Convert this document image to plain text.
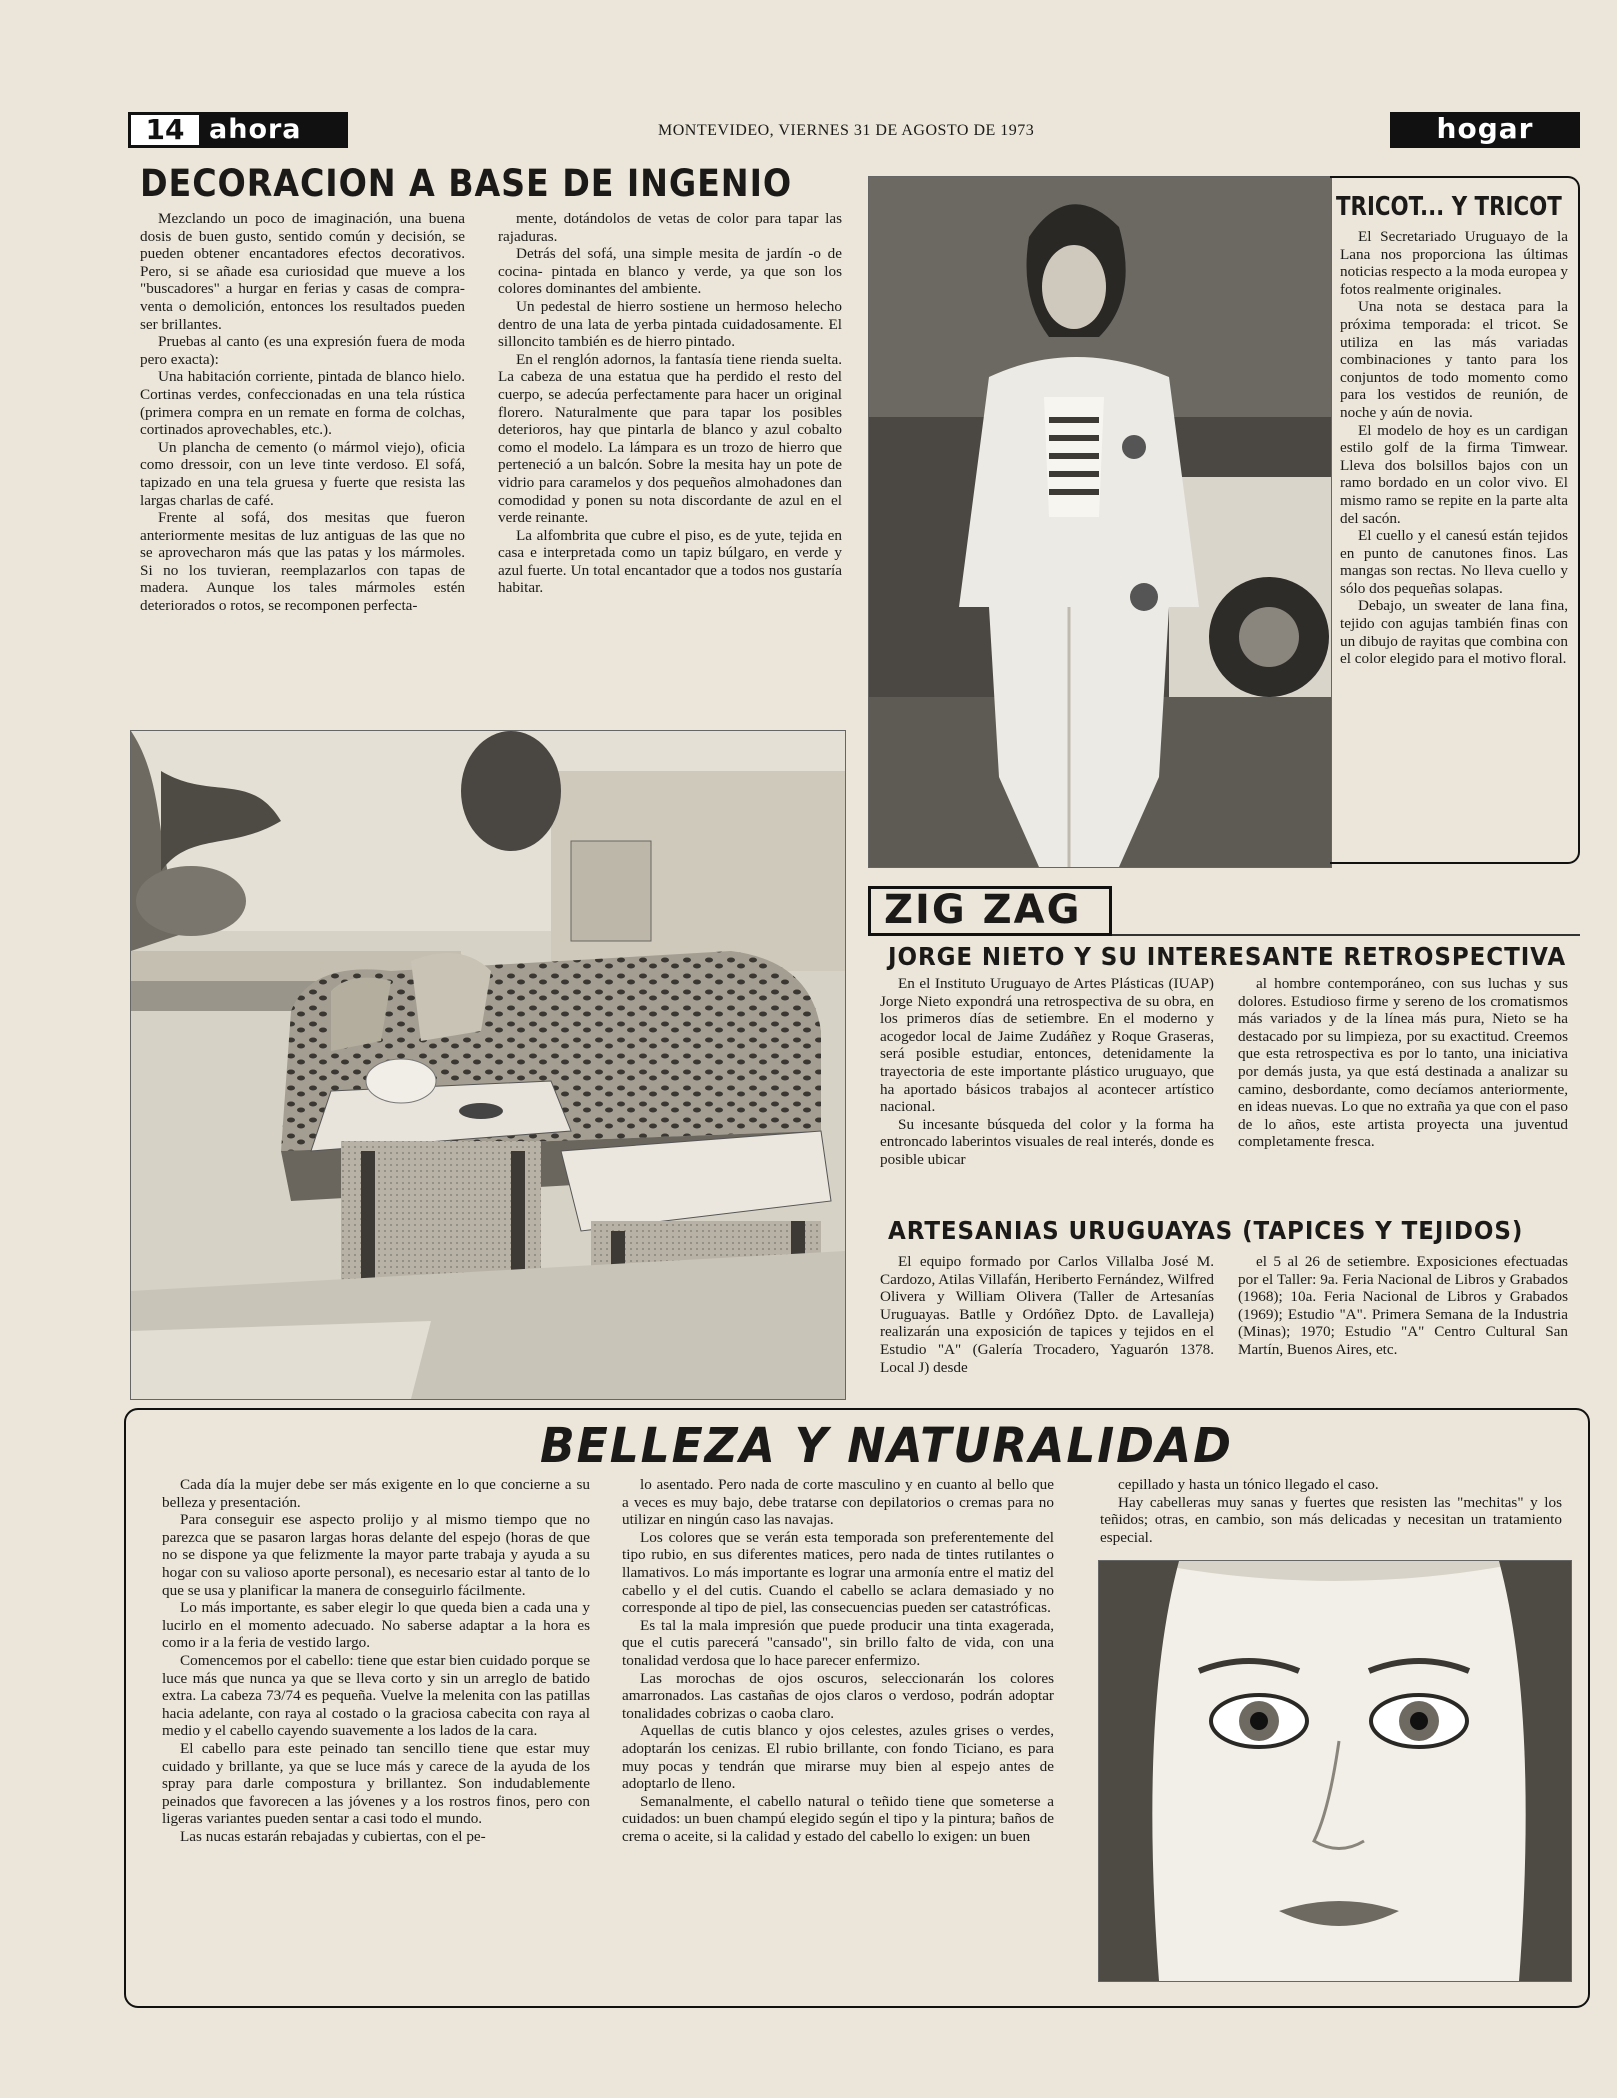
14 ahora	MONTEVIDEO, VIERNES 31 DE AGOSTO DE 1973	hogar
DECORACION A BASE DE INGENIO

Mezclando un poco de imaginación, una buena dosis de buen gusto, sentido común y decisión, se pueden obtener encantadores efectos decorativos. Pero, si se añade esa curiosidad que mueve a los "buscadores" a hurgar en ferias y casas de compra-venta o demolición, entonces los resultados pueden ser brillantes.

Pruebas al canto (es una expresión fuera de moda pero exacta):

Una habitación corriente, pintada de blanco hielo. Cortinas verdes, confeccionadas en una tela rústica (primera compra en un remate en forma de colchas, cortinados aprovechables, etc.).

Un plancha de cemento (o mármol viejo), oficia como dressoir, con un leve tinte verdoso. El sofá, tapizado en una tela gruesa y fuerte que resista las largas charlas de café.

Frente al sofá, dos mesitas que fueron anteriormente mesitas de luz antiguas de las que no se aprovecharon más que las patas y los mármoles. Si no los tuvieran, reemplazarlos con tapas de madera. Aunque los tales mármoles estén deteriorados o rotos, se recomponen perfecta-

mente, dotándolos de vetas de color para tapar las rajaduras.

Detrás del sofá, una simple mesita de jardín -o de cocina- pintada en blanco y verde, ya que son los colores dominantes del ambiente.

Un pedestal de hierro sostiene un hermoso helecho dentro de una lata de yerba pintada cuidadosamente. El silloncito también es de hierro pintado.

En el renglón adornos, la fantasía tiene rienda suelta. La cabeza de una estatua que ha perdido el resto del cuerpo, se adecúa perfectamente para hacer un original florero. Naturalmente que para tapar los posibles deterioros, hay que pintarla de blanco y azul cobalto como el modelo. La lámpara es un trozo de hierro que perteneció a un balcón. Sobre la mesita hay un pote de vidrio para caramelos y dos pequeños almohadones dan comodidad y ponen su nota discordante de azul en el verde reinante.

La alfombrita que cubre el piso, es de yute, tejida en casa e interpretada como un tapiz búlgaro, en verde y azul fuerte. Un total encantador que a todos nos gustaría habitar.

TRICOT... Y TRICOT

El Secretariado Uruguayo de la Lana nos proporciona las últimas noticias respecto a la moda europea y fotos realmente originales.

Una nota se destaca para la próxima temporada: el tricot. Se utiliza en las más variadas combinaciones y tanto para los conjuntos de todo momento como para los vestidos de reunión, de noche y aún de novia.

El modelo de hoy es un cardigan estilo golf de la firma Timwear. Lleva dos bolsillos bajos con un ramo bordado en un color vivo. El mismo ramo se repite en la parte alta del sacón.

El cuello y el canesú están tejidos en punto de canutones finos. Las mangas son rectas. No lleva cuello y sólo dos pequeñas solapas.

Debajo, un sweater de lana fina, tejido con agujas también finas con un dibujo de rayitas que combina con el color elegido para el motivo floral.

ZIG ZAG
JORGE NIETO Y SU INTERESANTE RETROSPECTIVA

En el Instituto Uruguayo de Artes Plásticas (IUAP) Jorge Nieto expondrá una retrospectiva de su obra, en los primeros días de setiembre. En el moderno y acogedor local de Jaime Zudáñez y Roque Graseras, será posible estudiar, entonces, detenidamente la trayectoria de este importante plástico uruguayo, que ha aportado básicos trabajos al acontecer artístico nacional.

Su incesante búsqueda del color y la forma ha entroncado laberintos visuales de real interés, donde es posible ubicar

al hombre contemporáneo, con sus luchas y sus dolores. Estudioso firme y sereno de los cromatismos más variados y de la línea más pura, Nieto se ha destacado por su limpieza, por su exactitud. Creemos que esta retrospectiva es por lo tanto, una iniciativa por demás justa, ya que está destinada a analizar su camino, desbordante, como decíamos anteriormente, en ideas nuevas. Lo que no extraña ya que con el paso de lo años, este artista proyecta una juventud completamente fresca.

ARTESANIAS URUGUAYAS (TAPICES Y TEJIDOS)

El equipo formado por Carlos Villalba José M. Cardozo, Atilas Villafán, Heriberto Fernández, Wilfred Olivera y William Olivera (Taller de Artesanías Uruguayas. Batlle y Ordóñez Dpto. de Lavalleja) realizarán una exposición de tapices y tejidos en el Estudio "A" (Galería Trocadero, Yaguarón 1378. Local J) desde

el 5 al 26 de setiembre. Exposiciones efectuadas por el Taller: 9a. Feria Nacional de Libros y Grabados (1968); 10a. Feria Nacional de Libros y Grabados (1969); Estudio "A". Primera Semana de la Industria (Minas); 1970; Estudio "A" Centro Cultural San Martín, Buenos Aires, etc.

BELLEZA Y NATURALIDAD

Cada día la mujer debe ser más exigente en lo que concierne a su belleza y presentación.

Para conseguir ese aspecto prolijo y al mismo tiempo que no parezca que se pasaron largas horas delante del espejo (horas de que no se dispone ya que felizmente la mayor parte trabaja y ayuda a su hogar con su valioso aporte personal), es necesario estar al tanto de lo que se usa y planificar la manera de conseguirlo fácilmente.

Lo más importante, es saber elegir lo que queda bien a cada una y lucirlo en el momento adecuado. No saberse adaptar a la hora es como ir a la feria de vestido largo.

Comencemos por el cabello: tiene que estar bien cuidado porque se luce más que nunca ya que se lleva corto y sin un arreglo de batido extra. La cabeza 73/74 es pequeña. Vuelve la melenita con las patillas hacia adelante, con raya al costado o la graciosa cabecita con raya al medio y el cabello cayendo suavemente a los lados de la cara.

El cabello para este peinado tan sencillo tiene que estar muy cuidado y brillante, ya que se luce más y carece de la ayuda de los spray para darle compostura y brillantez. Son indudablemente peinados que favorecen a las jóvenes y a los rostros finos, pero con ligeras variantes pueden sentar a casi todo el mundo.

Las nucas estarán rebajadas y cubiertas, con el pe-

lo asentado. Pero nada de corte masculino y en cuanto al bello que a veces es muy bajo, debe tratarse con depilatorios o cremas para no utilizar en ningún caso las navajas.

Los colores que se verán esta temporada son preferentemente del tipo rubio, en sus diferentes matices, pero nada de tintes rutilantes o llamativos. Lo más importante es lograr una armonía entre el matiz del cabello y el del cutis. Cuando el cabello se aclara demasiado y no corresponde al tipo de piel, las consecuencias pueden ser catastróficas.

Es tal la mala impresión que puede producir una tinta exagerada, que el cutis parecerá "cansado", sin brillo falto de vida, con una tonalidad verdosa que lo hace parecer enfermizo.

Las morochas de ojos oscuros, seleccionarán los colores amarronados. Las castañas de ojos claros o verdoso, podrán adoptar tonalidades cobrizas o caoba claro.

Aquellas de cutis blanco y ojos celestes, azules grises o verdes, adoptarán los cenizas. El rubio brillante, con fondo Ticiano, es para muy pocas y tendrán que mirarse muy bien al espejo antes de adoptarlo de lleno.

Semanalmente, el cabello natural o teñido tiene que someterse a cuidados: un buen champú elegido según el tipo y la pintura; baños de crema o aceite, si la calidad y estado del cabello lo exigen: un buen

cepillado y hasta un tónico llegado el caso.

Hay cabelleras muy sanas y fuertes que resisten las "mechitas" y los teñidos; otras, en cambio, son más delicadas y necesitan un tratamiento especial.
